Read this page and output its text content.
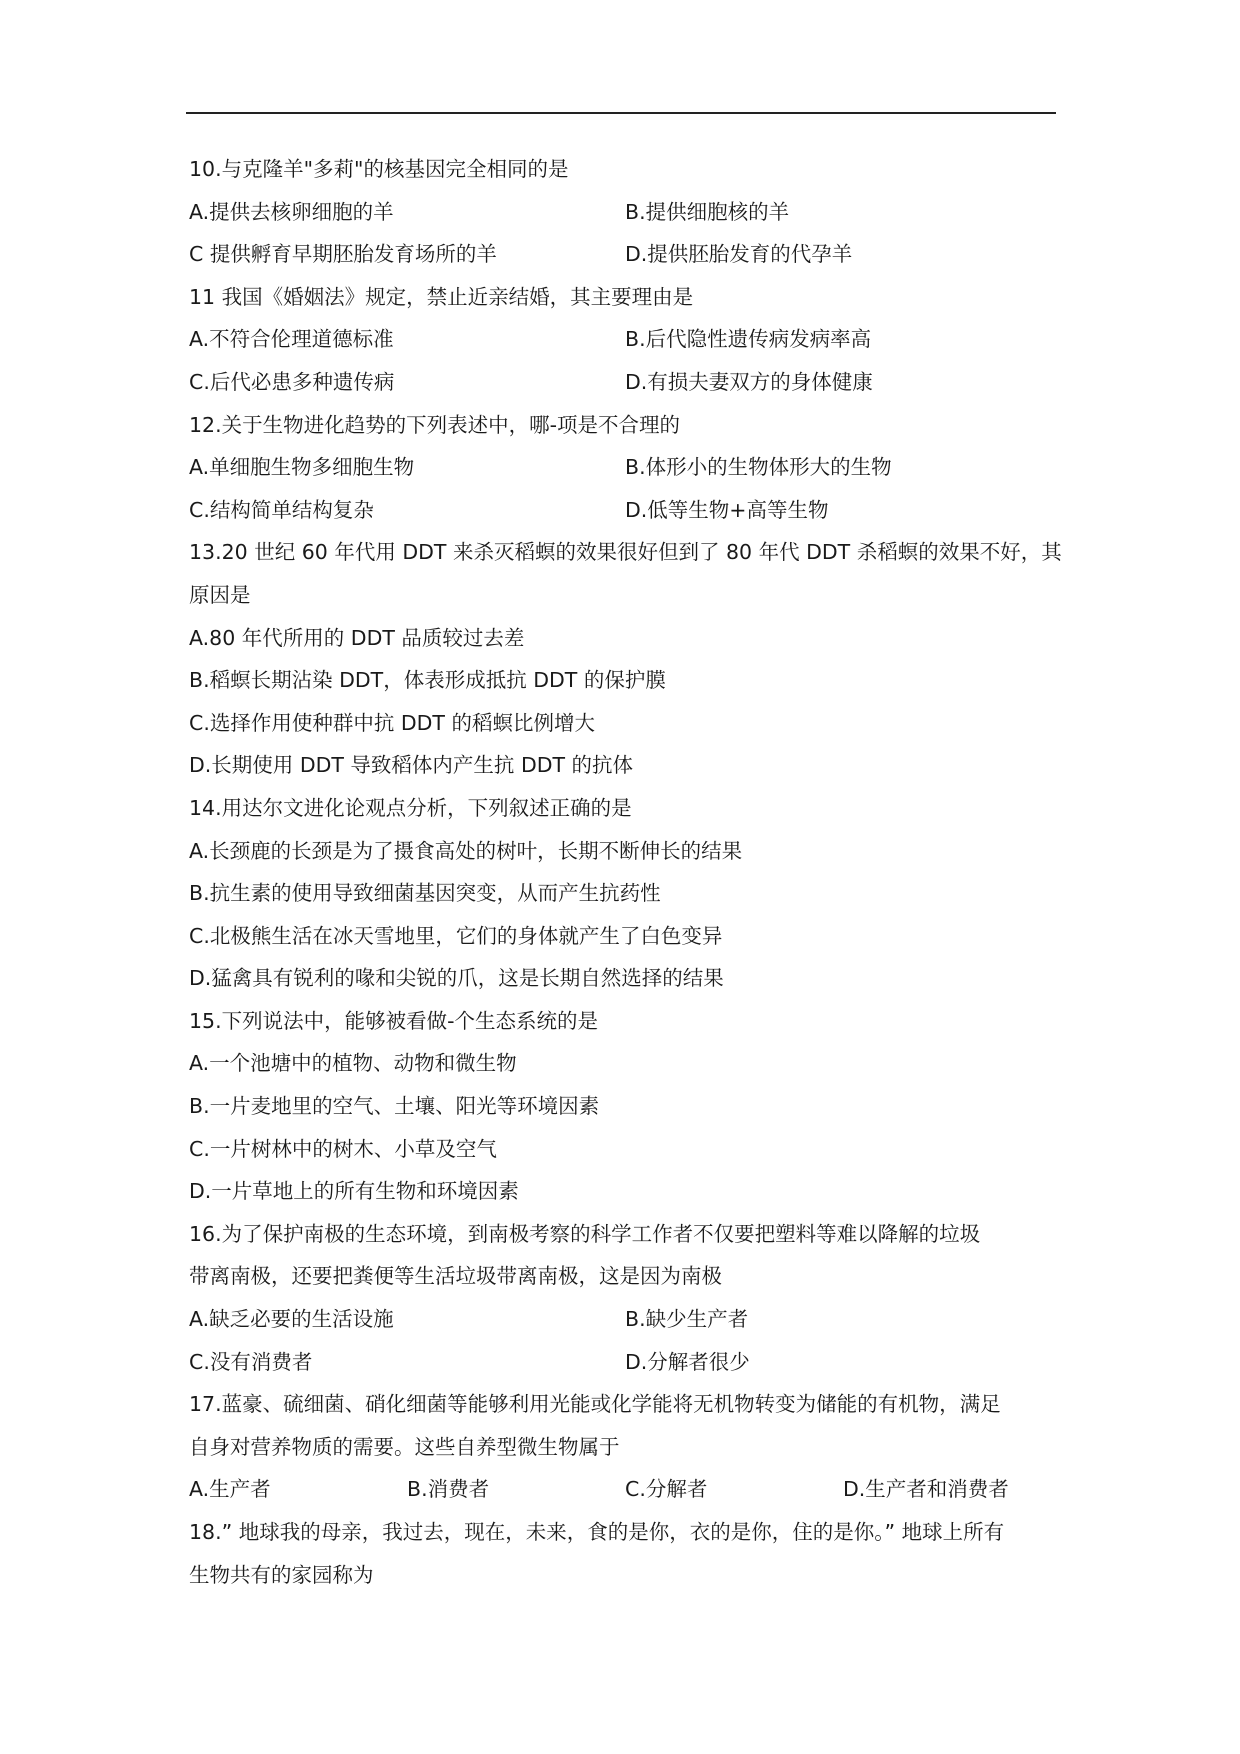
10.与克隆羊"多莉"的核基因完全相同的是
A.提供去核卵细胞的羊	B.提供细胞核的羊
C 提供孵育早期胚胎发育场所的羊	D.提供胚胎发育的代孕羊
11 我国《婚姻法》规定，禁止近亲结婚，其主要理由是
A.不符合伦理道德标准	B.后代隐性遗传病发病率高
C.后代必患多种遗传病	D.有损夫妻双方的身体健康
12.关于生物进化趋势的下列表述中，哪-项是不合理的
A.单细胞生物多细胞生物	B.体形小的生物体形大的生物
C.结构简单结构复杂	D.低等生物+高等生物
13.20 世纪 60 年代用 DDT 来杀灭稻螟的效果很好但到了 80 年代 DDT 杀稻螟的效果不好，其
原因是
A.80 年代所用的 DDT 品质较过去差
B.稻螟长期沾染 DDT，体表形成抵抗 DDT 的保护膜
C.选择作用使种群中抗 DDT 的稻螟比例增大
D.长期使用 DDT 导致稻体内产生抗 DDT 的抗体
14.用达尔文进化论观点分析，下列叙述正确的是
A.长颈鹿的长颈是为了摄食高处的树叶，长期不断伸长的结果
B.抗生素的使用导致细菌基因突变，从而产生抗药性
C.北极熊生活在冰天雪地里，它们的身体就产生了白色变异
D.猛禽具有锐利的喙和尖锐的爪，这是长期自然选择的结果
15.下列说法中，能够被看做-个生态系统的是
A.一个池塘中的植物、动物和微生物
B.一片麦地里的空气、土壤、阳光等环境因素
C.一片树林中的树木、小草及空气
D.一片草地上的所有生物和环境因素
16.为了保护南极的生态环境，到南极考察的科学工作者不仅要把塑料等难以降解的垃圾
带离南极，还要把粪便等生活垃圾带离南极，这是因为南极
A.缺乏必要的生活设施	B.缺少生产者
C.没有消费者	D.分解者很少
17.蓝豪、硫细菌、硝化细菌等能够利用光能或化学能将无机物转变为储能的有机物，满足
自身对营养物质的需要。这些自养型微生物属于
A.生产者	B.消费者	C.分解者	D.生产者和消费者
18.” 地球我的母亲，我过去，现在，未来，食的是你，衣的是你，住的是你。” 地球上所有
生物共有的家园称为
